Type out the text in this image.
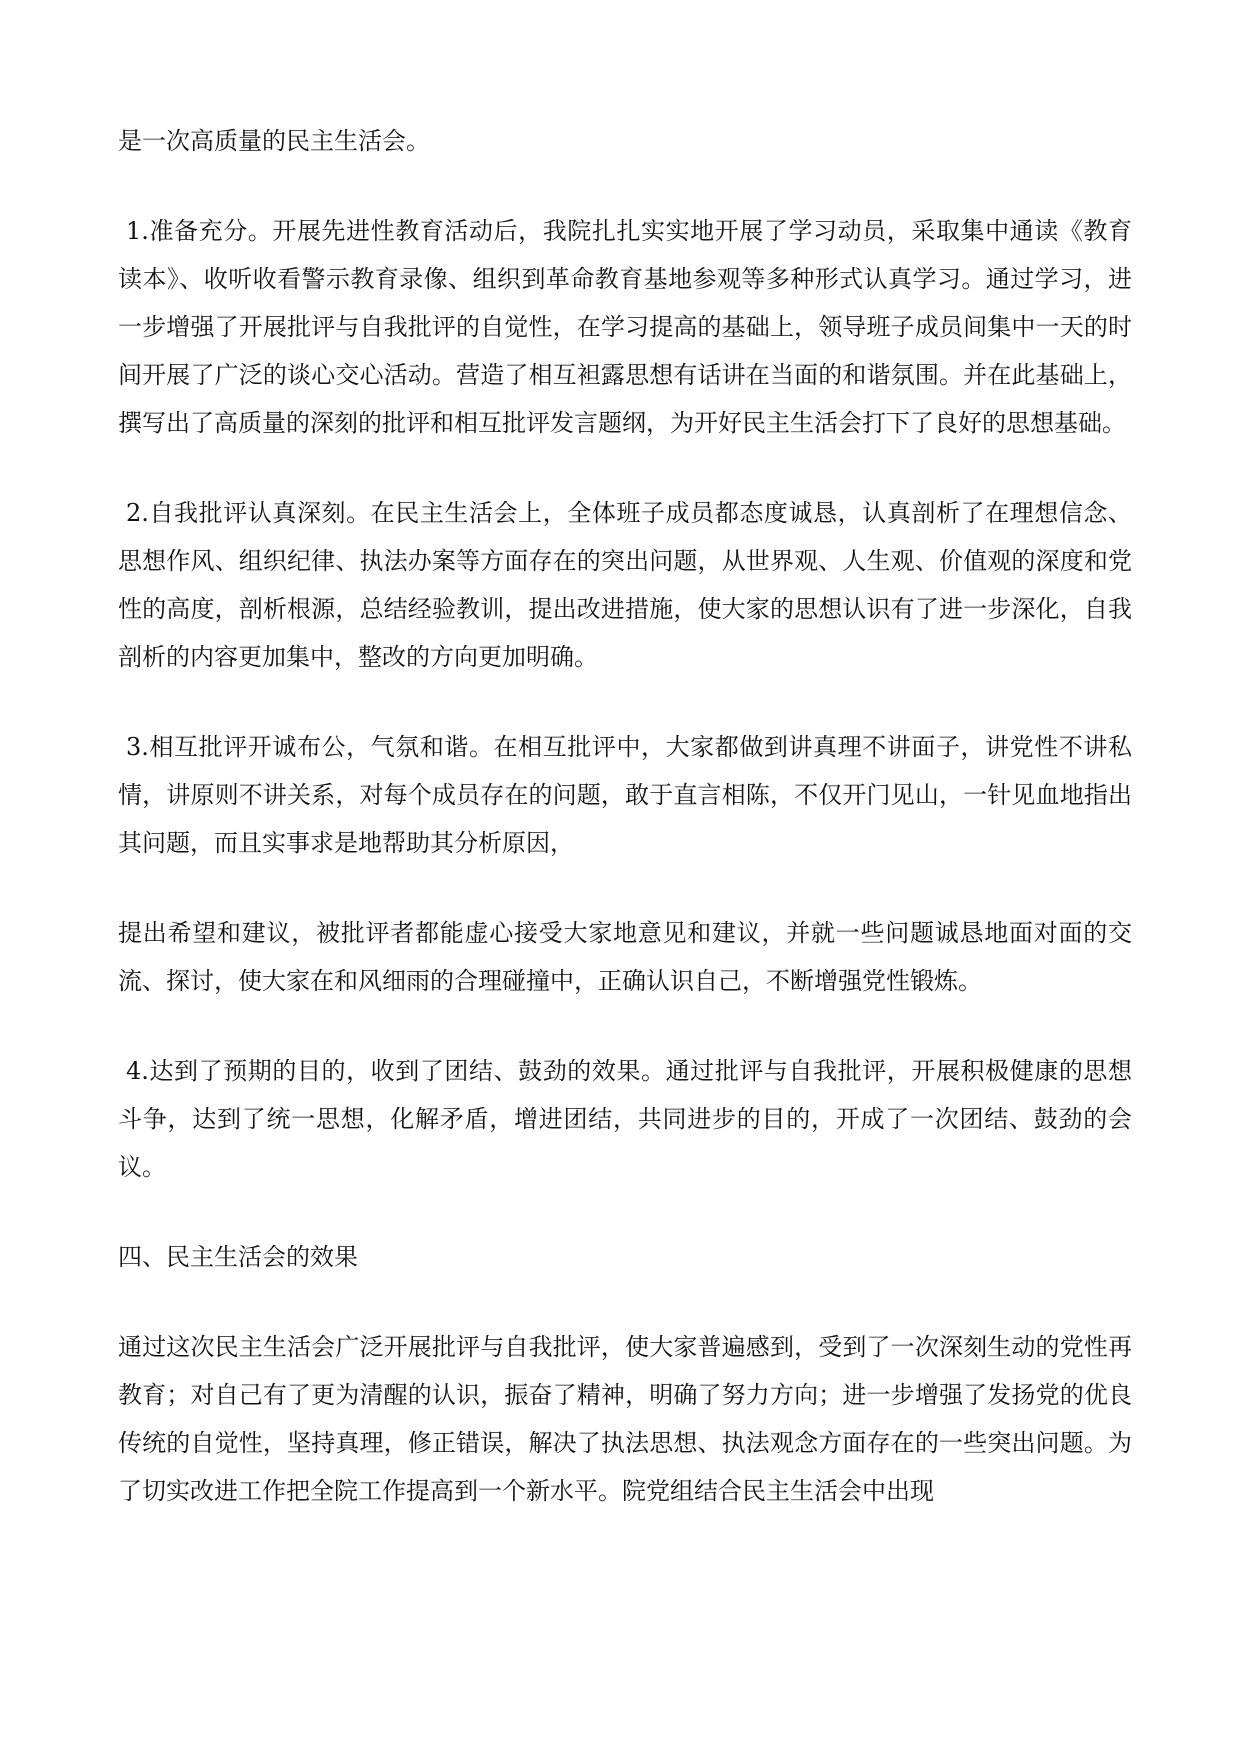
是一次高质量的民主生活会。

1.准备充分。开展先进性教育活动后，我院扎扎实实地开展了学习动员，采取集中通读《教育读本》、收听收看警示教育录像、组织到革命教育基地参观等多种形式认真学习。通过学习，进一步增强了开展批评与自我批评的自觉性，在学习提高的基础上，领导班子成员间集中一天的时间开展了广泛的谈心交心活动。营造了相互袒露思想有话讲在当面的和谐氛围。并在此基础上，撰写出了高质量的深刻的批评和相互批评发言题纲，为开好民主生活会打下了良好的思想基础。

2.自我批评认真深刻。在民主生活会上，全体班子成员都态度诚恳，认真剖析了在理想信念、思想作风、组织纪律、执法办案等方面存在的突出问题，从世界观、人生观、价值观的深度和党性的高度，剖析根源，总结经验教训，提出改进措施，使大家的思想认识有了进一步深化，自我剖析的内容更加集中，整改的方向更加明确。

3.相互批评开诚布公，气氛和谐。在相互批评中，大家都做到讲真理不讲面子，讲党性不讲私情，讲原则不讲关系，对每个成员存在的问题，敢于直言相陈，不仅开门见山，一针见血地指出其问题，而且实事求是地帮助其分析原因，

提出希望和建议，被批评者都能虚心接受大家地意见和建议，并就一些问题诚恳地面对面的交流、探讨，使大家在和风细雨的合理碰撞中，正确认识自己，不断增强党性锻炼。

4.达到了预期的目的，收到了团结、鼓劲的效果。通过批评与自我批评，开展积极健康的思想斗争，达到了统一思想，化解矛盾，增进团结，共同进步的目的，开成了一次团结、鼓劲的会议。

四、民主生活会的效果

通过这次民主生活会广泛开展批评与自我批评，使大家普遍感到，受到了一次深刻生动的党性再教育；对自己有了更为清醒的认识，振奋了精神，明确了努力方向；进一步增强了发扬党的优良传统的自觉性，坚持真理，修正错误，解决了执法思想、执法观念方面存在的一些突出问题。为了切实改进工作把全院工作提高到一个新水平。院党组结合民主生活会中出现
